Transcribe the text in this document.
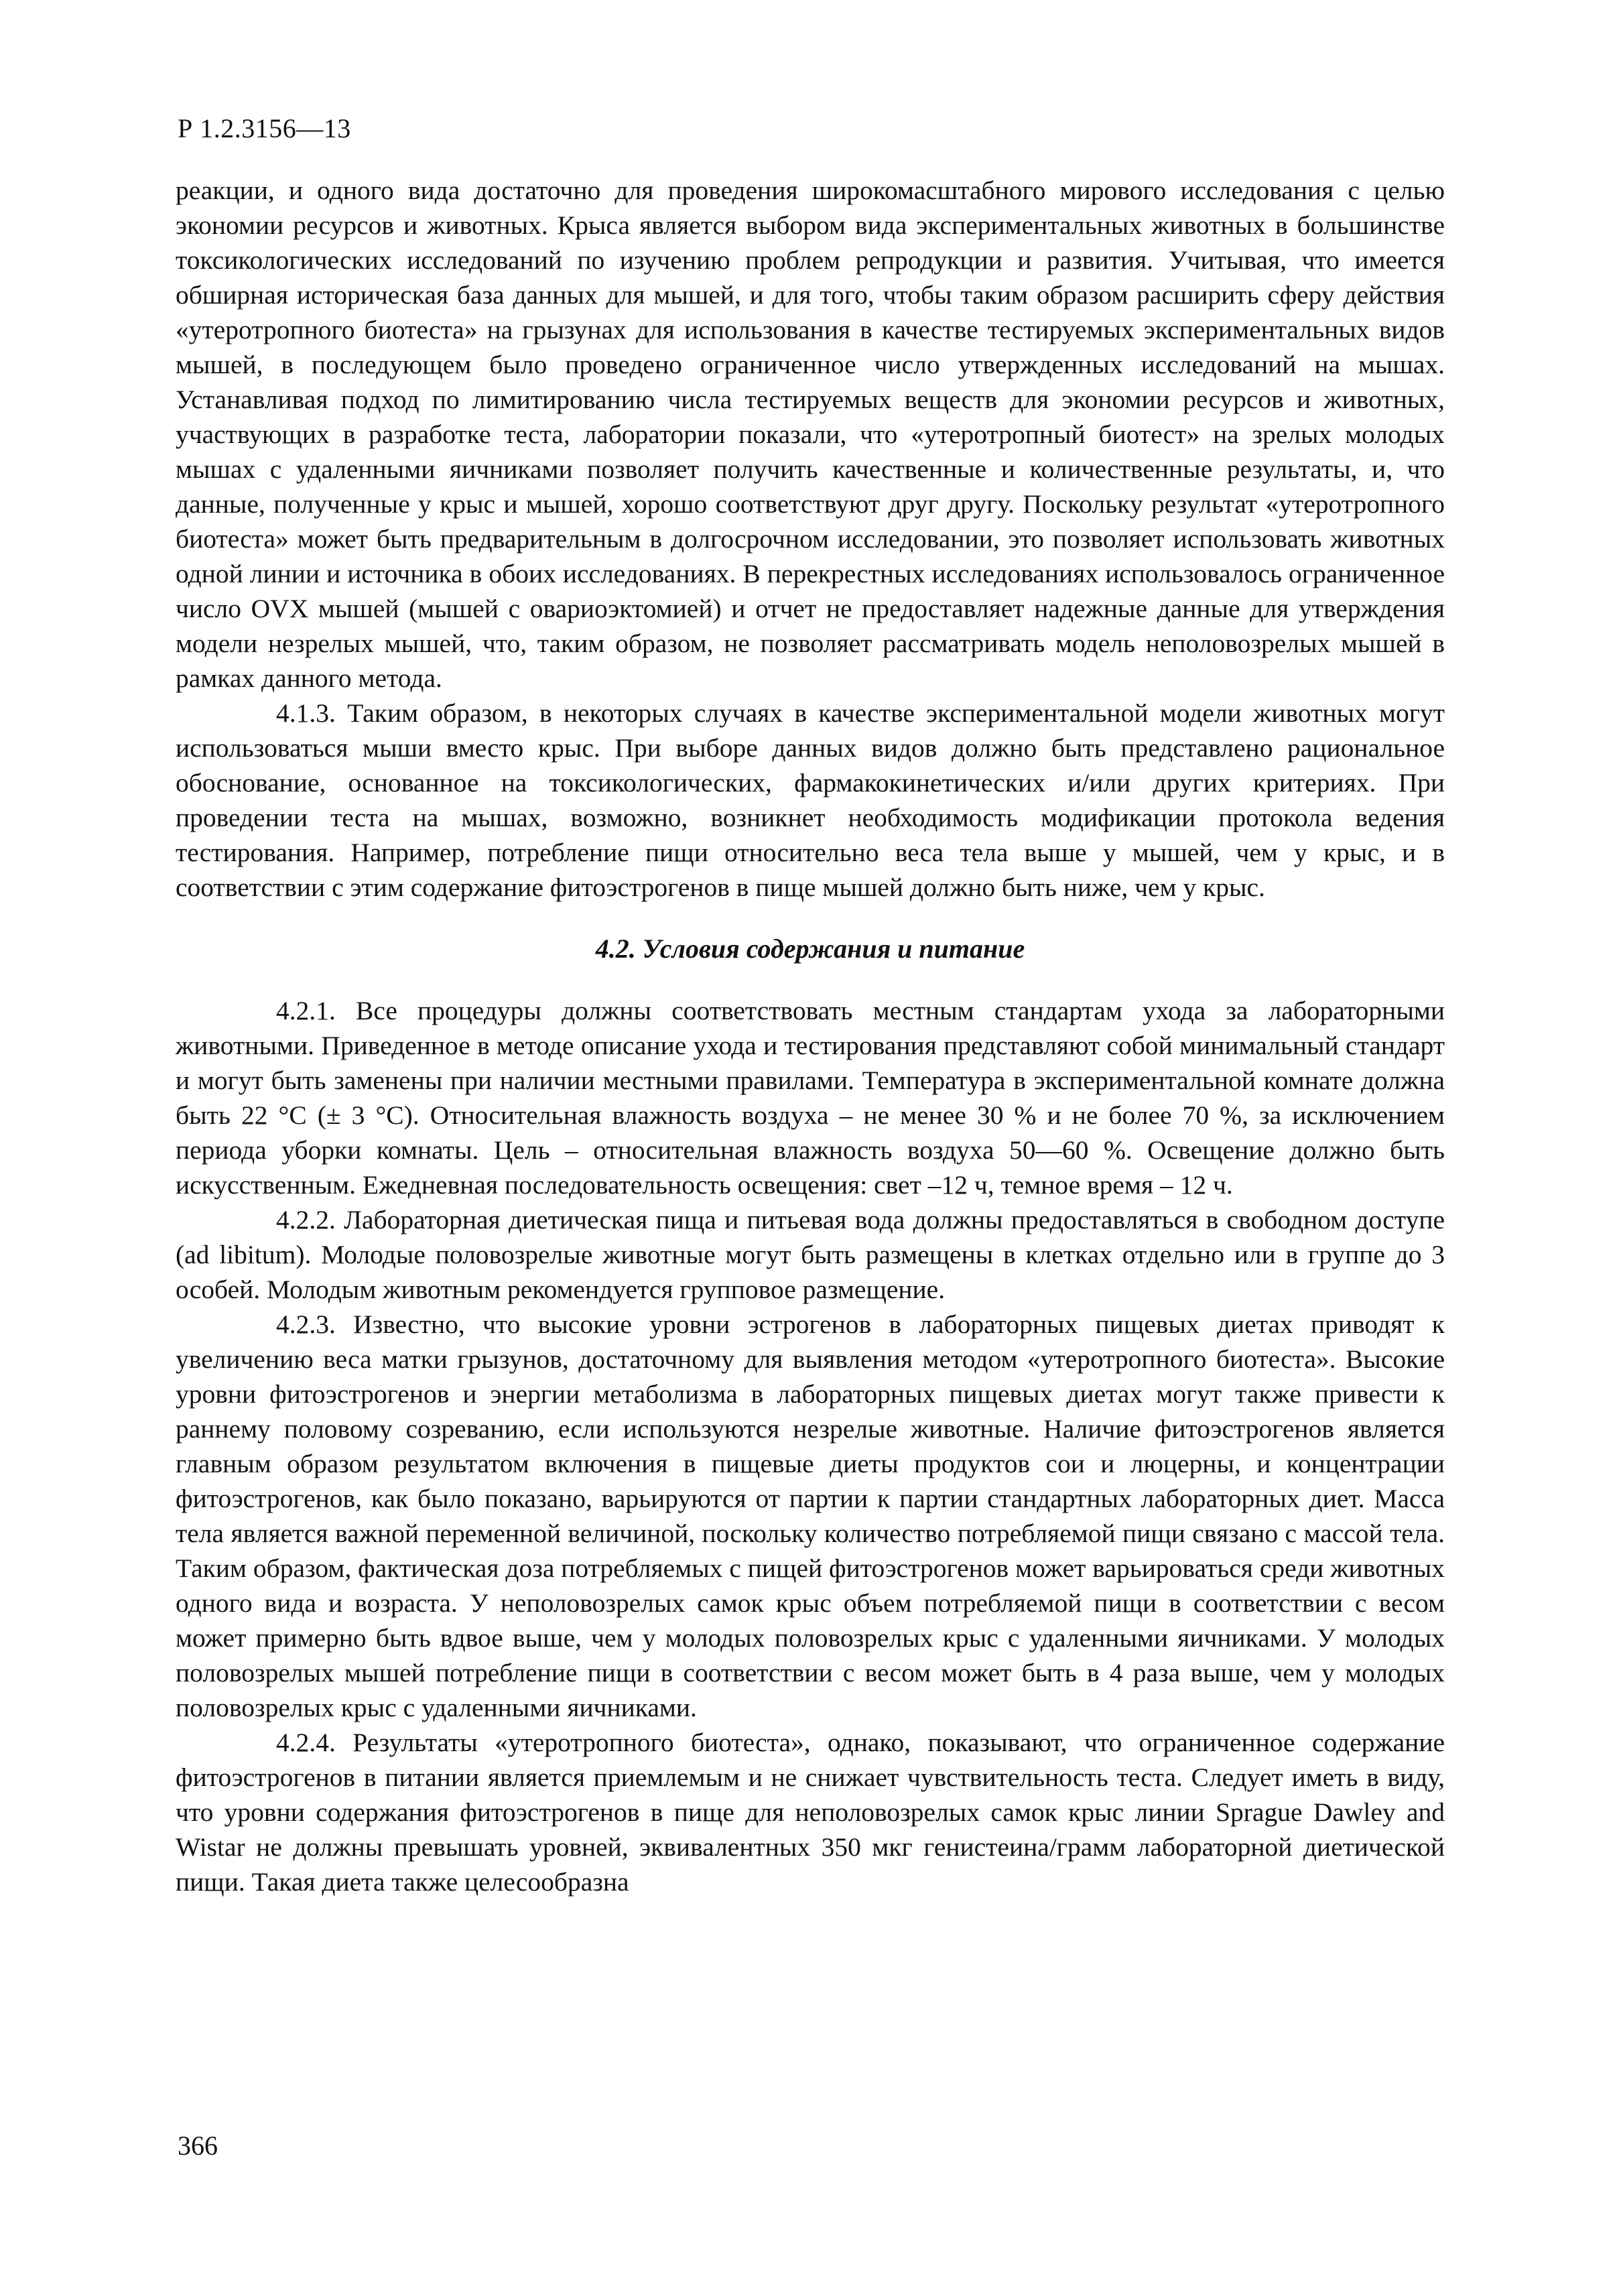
Р 1.2.3156—13

реакции, и одного вида достаточно для проведения широкомасштабного мирового исследования с целью экономии ресурсов и животных. Крыса является выбором вида экспериментальных животных в большинстве токсикологических исследований по изучению проблем репродукции и развития. Учитывая, что имеется обширная историческая база данных для мышей, и для того, чтобы таким образом расширить сферу действия «утеротропного биотеста» на грызунах для использования в качестве тестируемых экспериментальных видов мышей, в последующем было проведено ограниченное число утвержденных исследований на мышах. Устанавливая подход по лимитированию числа тестируемых веществ для экономии ресурсов и животных, участвующих в разработке теста, лаборатории показали, что «утеротропный биотест» на зрелых молодых мышах с удаленными яичниками позволяет получить качественные и количественные результаты, и, что данные, полученные у крыс и мышей, хорошо соответствуют друг другу. Поскольку результат «утеротропного биотеста» может быть предварительным в долгосрочном исследовании, это позволяет использовать животных одной линии и источника в обоих исследованиях. В перекрестных исследованиях использовалось ограниченное число OVX мышей (мышей с овариоэктомией) и отчет не предоставляет надежные данные для утверждения модели незрелых мышей, что, таким образом, не позволяет рассматривать модель неполовозрелых мышей в рамках данного метода.

4.1.3. Таким образом, в некоторых случаях в качестве экспериментальной модели животных могут использоваться мыши вместо крыс. При выборе данных видов должно быть представлено рациональное обоснование, основанное на токсикологических, фармакокинетических и/или других критериях. При проведении теста на мышах, возможно, возникнет необходимость модификации протокола ведения тестирования. Например, потребление пищи относительно веса тела выше у мышей, чем у крыс, и в соответствии с этим содержание фитоэстрогенов в пище мышей должно быть ниже, чем у крыс.

4.2. Условия содержания и питание

4.2.1. Все процедуры должны соответствовать местным стандартам ухода за лабораторными животными. Приведенное в методе описание ухода и тестирования представляют собой минимальный стандарт и могут быть заменены при наличии местными правилами. Температура в экспериментальной комнате должна быть 22 °С (± 3 °С). Относительная влажность воздуха – не менее 30 % и не более 70 %, за исключением периода уборки комнаты. Цель – относительная влажность воздуха 50—60 %. Освещение должно быть искусственным. Ежедневная последовательность освещения: свет –12 ч, темное время – 12 ч.

4.2.2. Лабораторная диетическая пища и питьевая вода должны предоставляться в свободном доступе (ad libitum). Молодые половозрелые животные могут быть размещены в клетках отдельно или в группе до 3 особей. Молодым животным рекомендуется групповое размещение.

4.2.3. Известно, что высокие уровни эстрогенов в лабораторных пищевых диетах приводят к увеличению веса матки грызунов, достаточному для выявления методом «утеротропного биотеста». Высокие уровни фитоэстрогенов и энергии метаболизма в лабораторных пищевых диетах могут также привести к раннему половому созреванию, если используются незрелые животные. Наличие фитоэстрогенов является главным образом результатом включения в пищевые диеты продуктов сои и люцерны, и концентрации фитоэстрогенов, как было показано, варьируются от партии к партии стандартных лабораторных диет. Масса тела является важной переменной величиной, поскольку количество потребляемой пищи связано с массой тела. Таким образом, фактическая доза потребляемых с пищей фитоэстрогенов может варьироваться среди животных одного вида и возраста. У неполовозрелых самок крыс объем потребляемой пищи в соответствии с весом может примерно быть вдвое выше, чем у молодых половозрелых крыс с удаленными яичниками. У молодых половозрелых мышей потребление пищи в соответствии с весом может быть в 4 раза выше, чем у молодых половозрелых крыс с удаленными яичниками.

4.2.4. Результаты «утеротропного биотеста», однако, показывают, что ограниченное содержание фитоэстрогенов в питании является приемлемым и не снижает чувствительность теста. Следует иметь в виду, что уровни содержания фитоэстрогенов в пище для неполовозрелых самок крыс линии Sprague Dawley and Wistar не должны превышать уровней, эквивалентных 350 мкг генистеина/грамм лабораторной диетической пищи. Такая диета также целесообразна

366
